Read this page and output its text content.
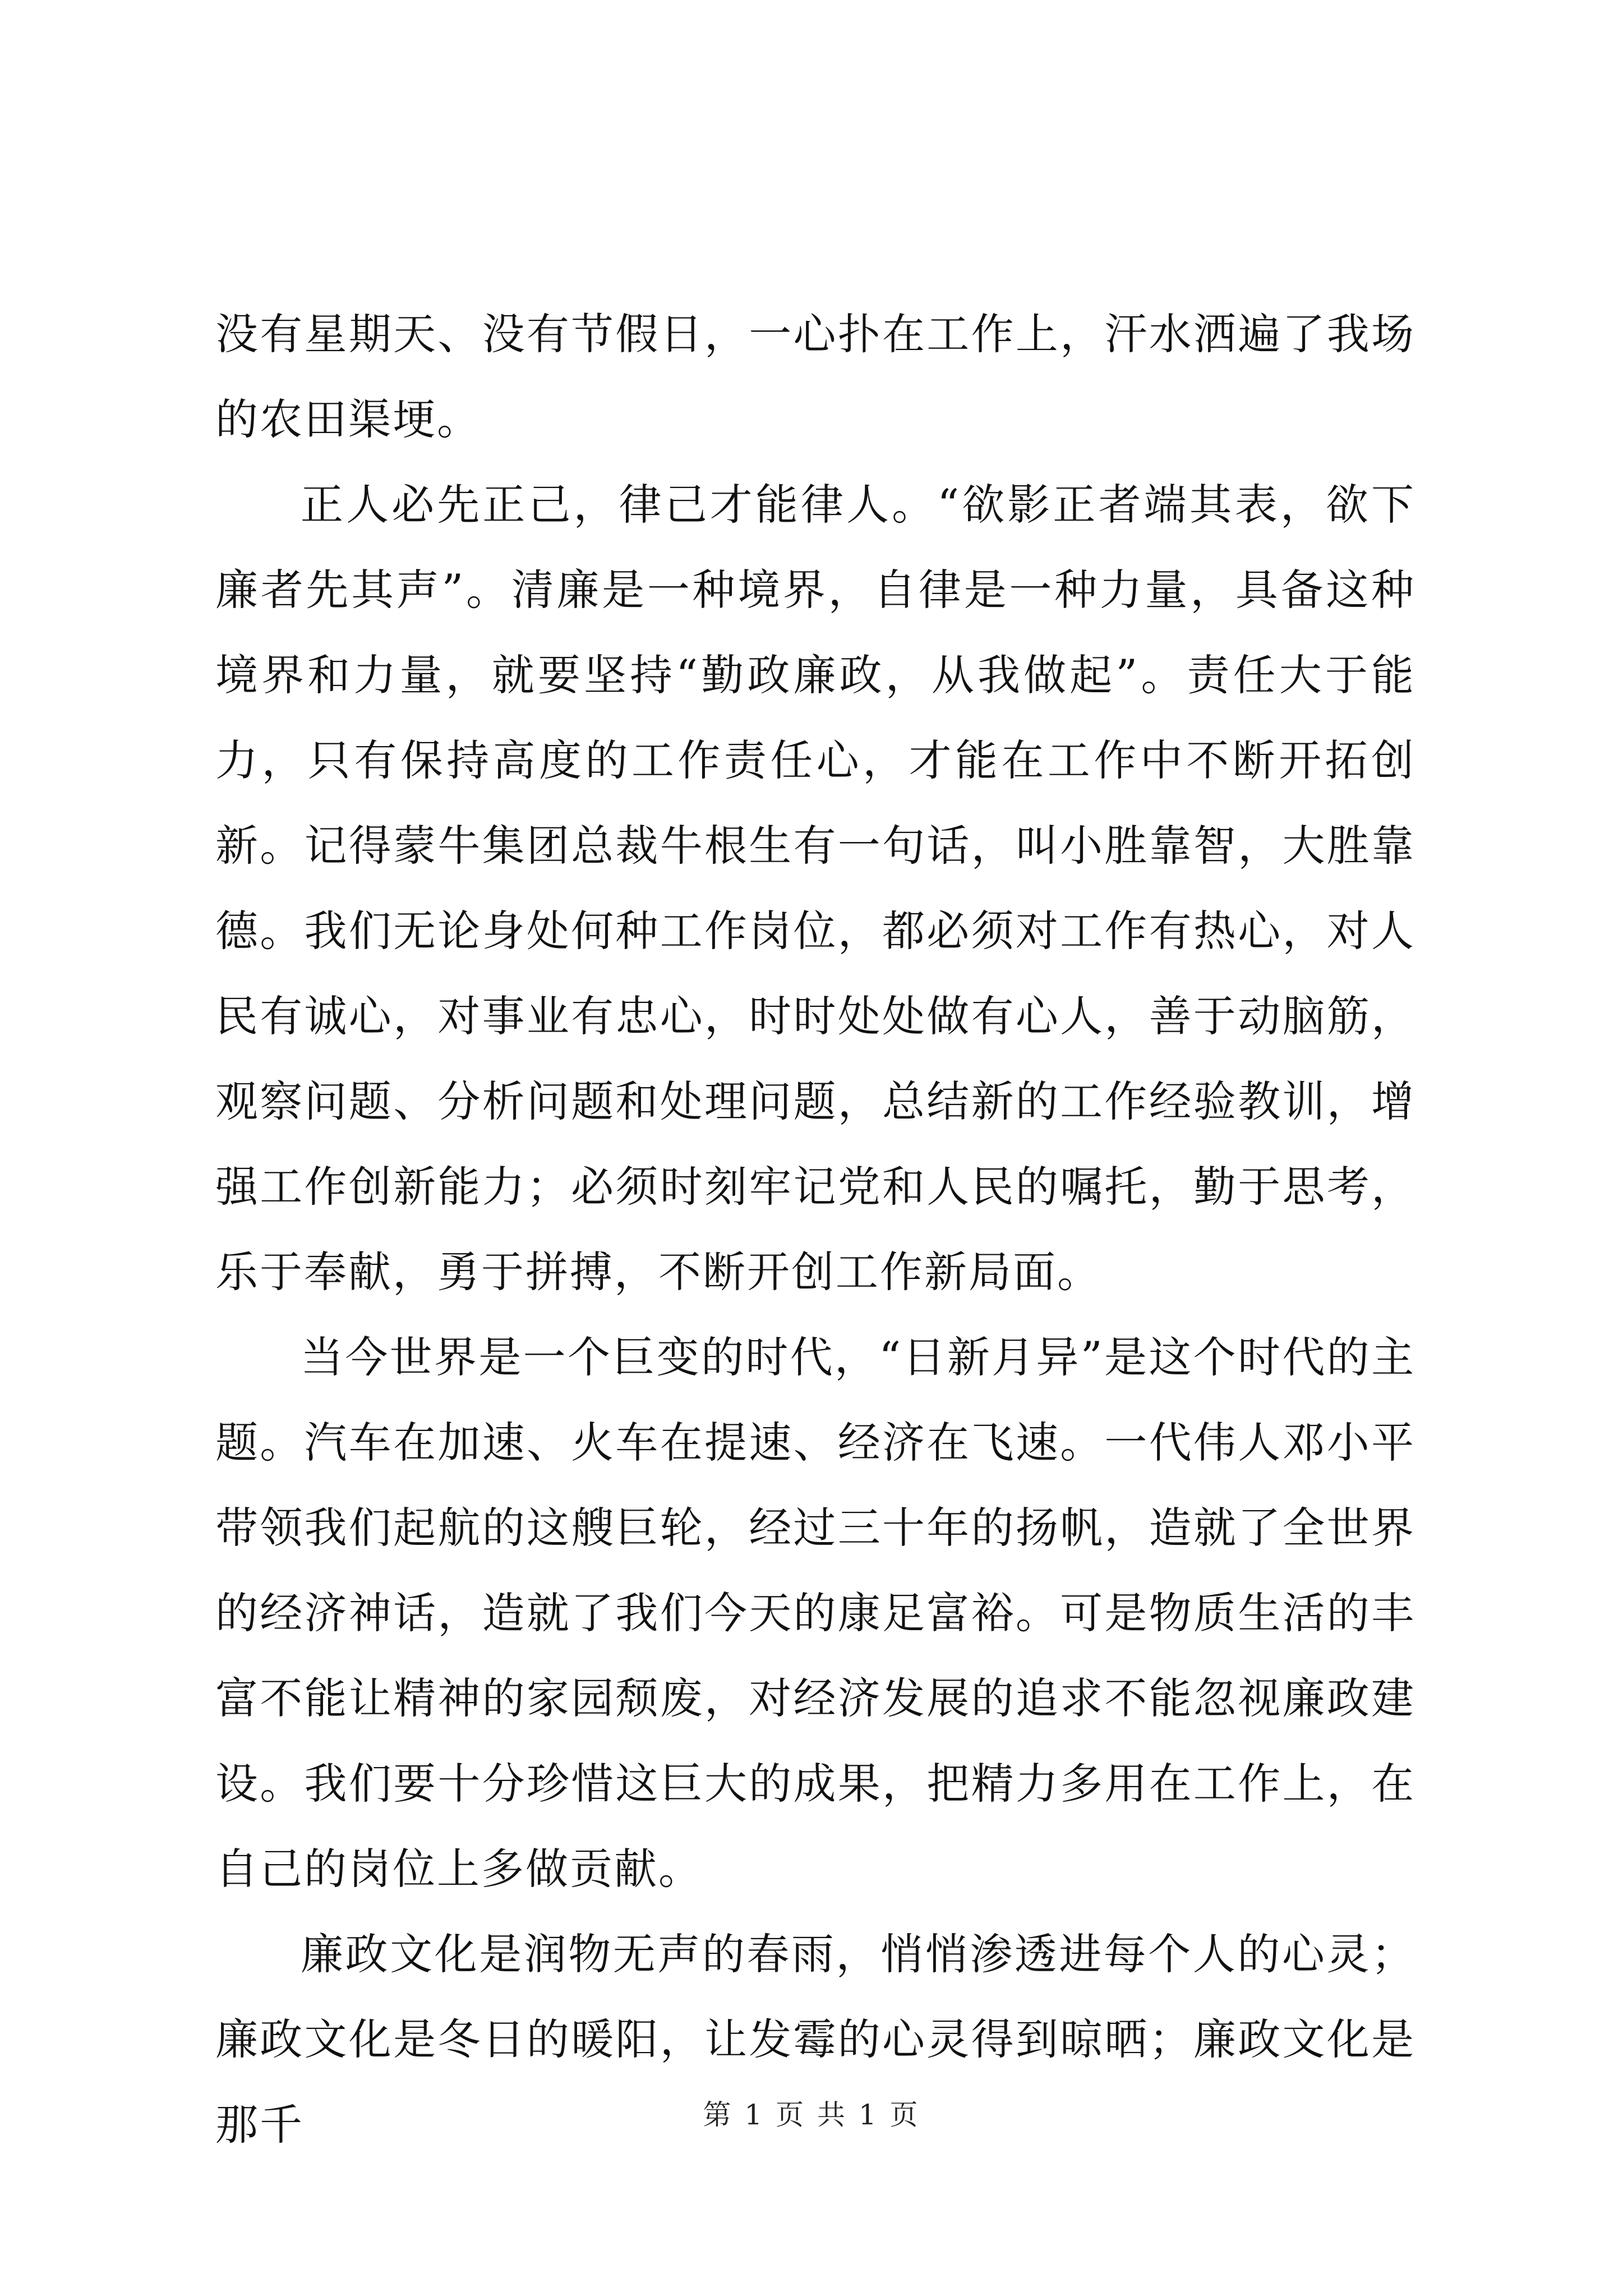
没有星期天、没有节假日，一心扑在工作上，汗水洒遍了我场的农田渠埂。

正人必先正己，律己才能律人。“欲影正者端其表，欲下廉者先其声”。清廉是一种境界，自律是一种力量，具备这种境界和力量，就要坚持“勤政廉政，从我做起”。责任大于能力，只有保持高度的工作责任心，才能在工作中不断开拓创新。记得蒙牛集团总裁牛根生有一句话，叫小胜靠智，大胜靠德。我们无论身处何种工作岗位，都必须对工作有热心，对人民有诚心，对事业有忠心，时时处处做有心人，善于动脑筋，观察问题、分析问题和处理问题，总结新的工作经验教训，增强工作创新能力；必须时刻牢记党和人民的嘱托，勤于思考，乐于奉献，勇于拼搏，不断开创工作新局面。

当今世界是一个巨变的时代，“日新月异”是这个时代的主题。汽车在加速、火车在提速、经济在飞速。一代伟人邓小平带领我们起航的这艘巨轮，经过三十年的扬帆，造就了全世界的经济神话，造就了我们今天的康足富裕。可是物质生活的丰富不能让精神的家园颓废，对经济发展的追求不能忽视廉政建设。我们要十分珍惜这巨大的成果，把精力多用在工作上，在自己的岗位上多做贡献。

廉政文化是润物无声的春雨，悄悄渗透进每个人的心灵；廉政文化是冬日的暖阳，让发霉的心灵得到晾晒；廉政文化是那千	第 1 页 共 1 页
